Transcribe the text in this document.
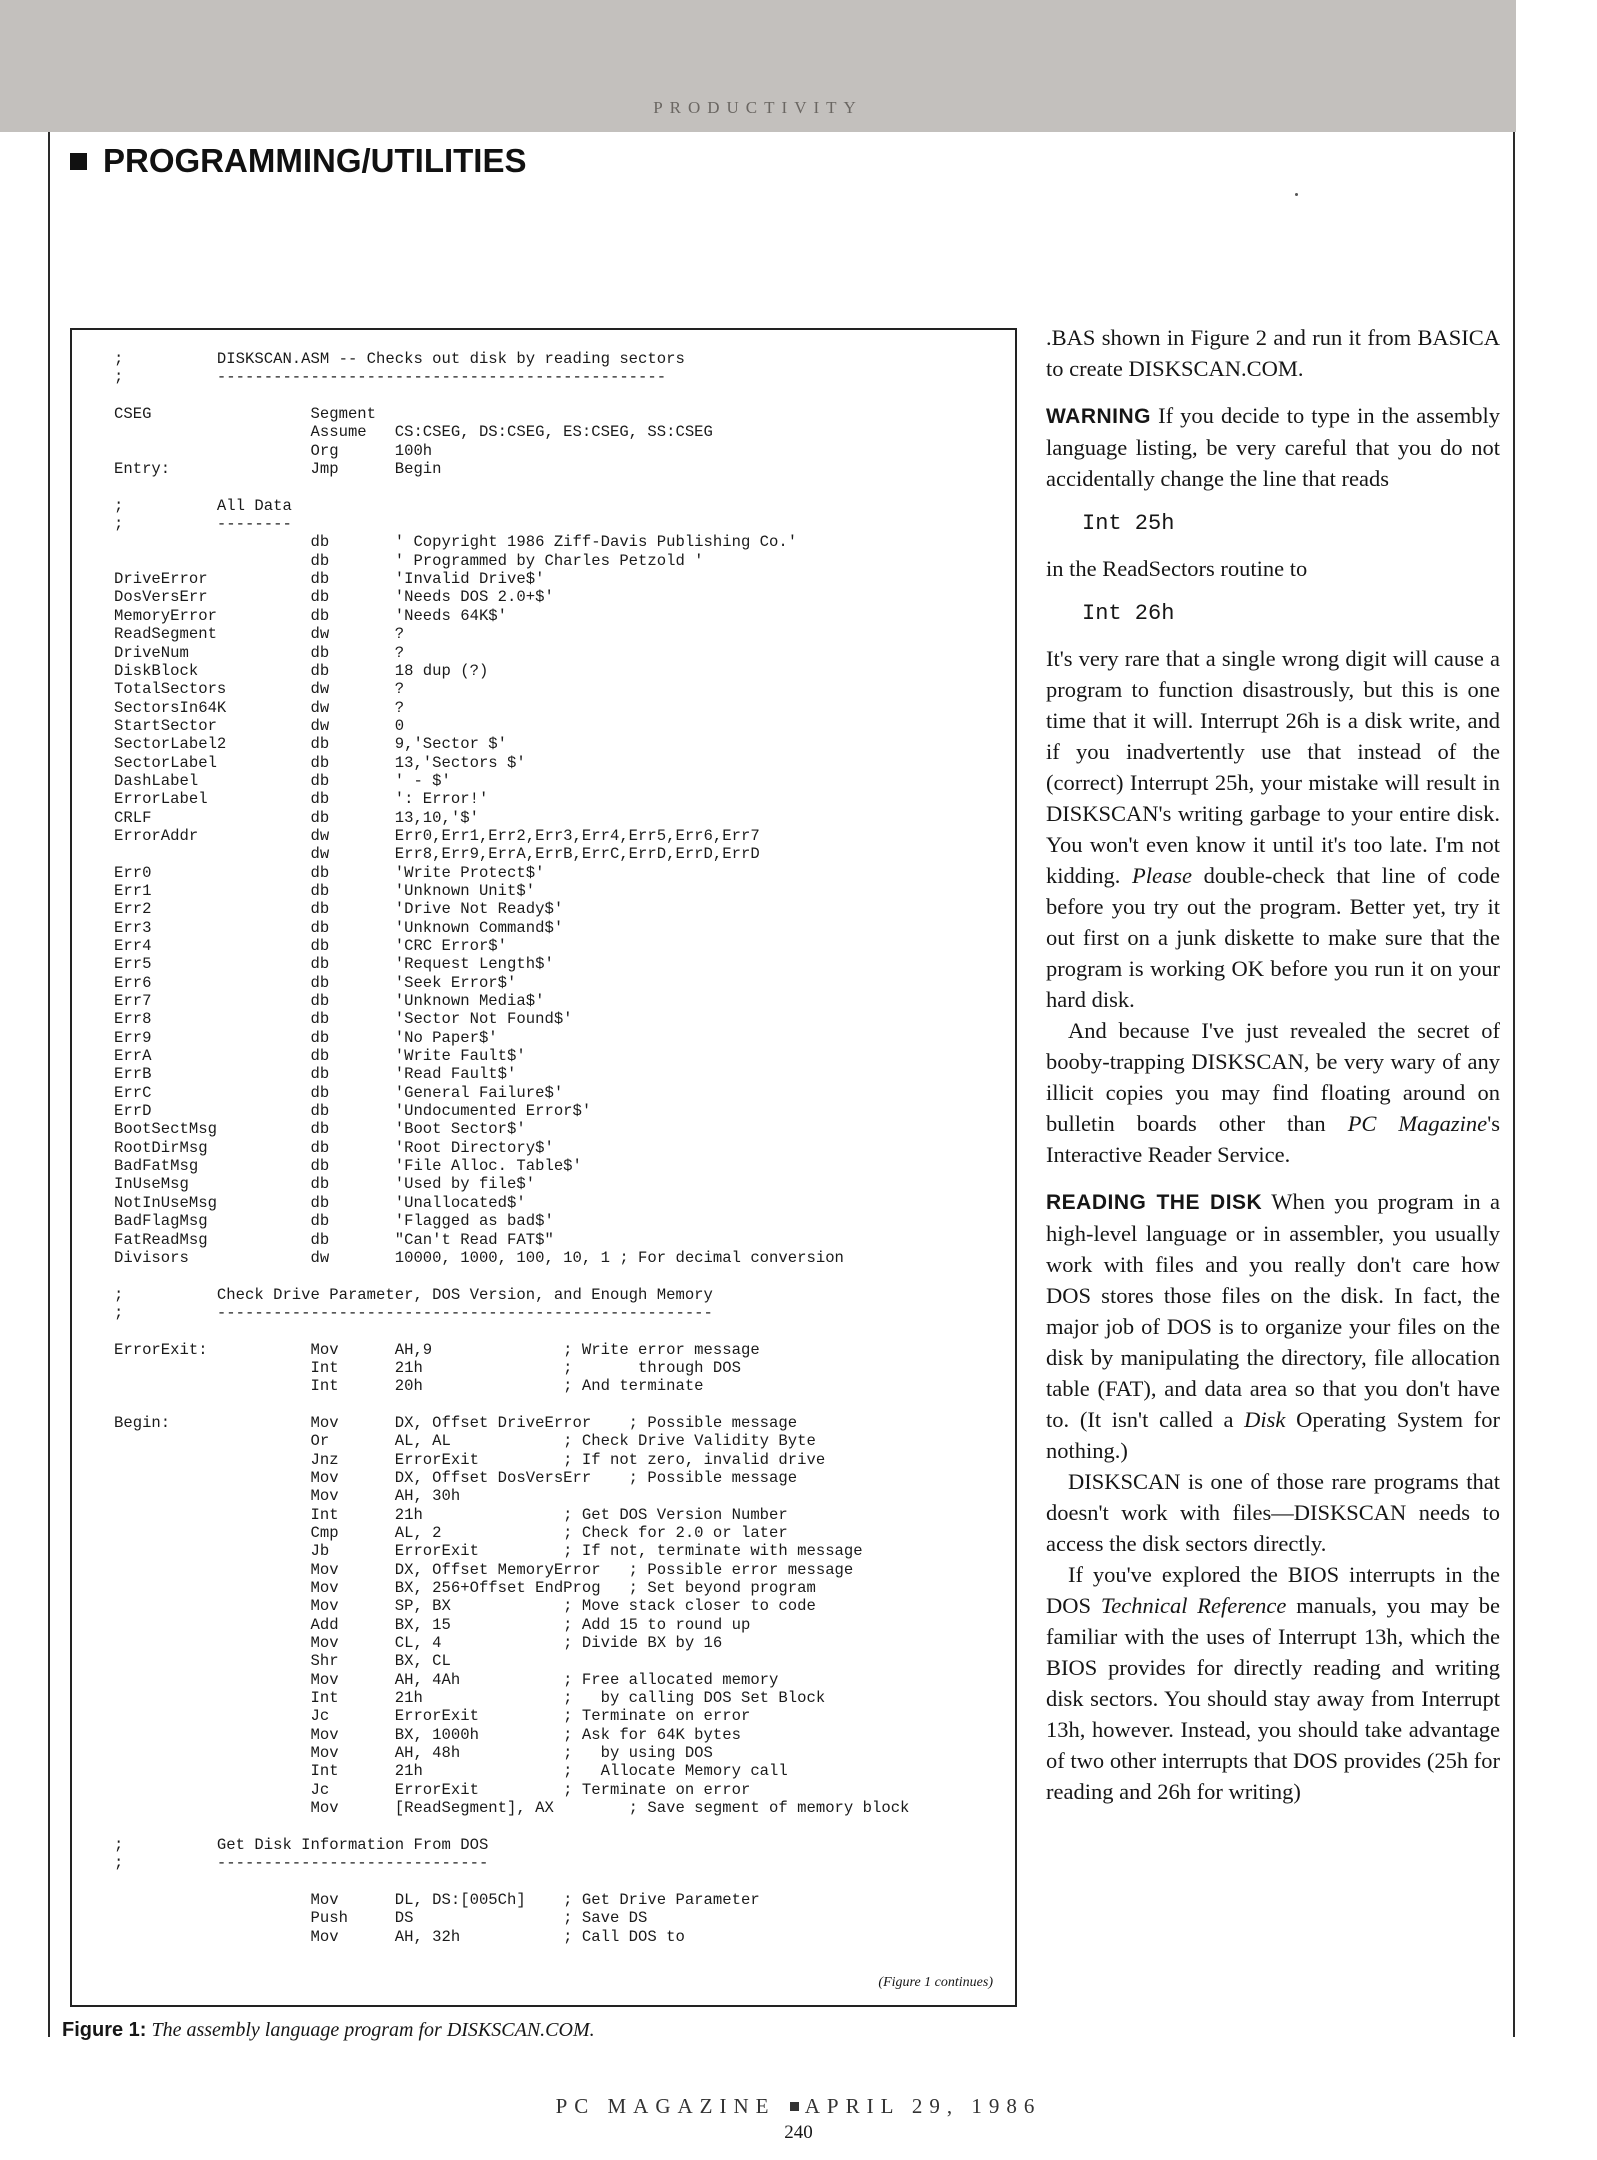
PRODUCTIVITY
PROGRAMMING/UTILITIES
;          DISKSCAN.ASM -- Checks out disk by reading sectors
;          ------------------------------------------------

CSEG                 Segment
Assume   CS:CSEG, DS:CSEG, ES:CSEG, SS:CSEG
Org      100h
Entry:               Jmp      Begin

;          All Data
;          --------
db       ' Copyright 1986 Ziff-Davis Publishing Co.'
db       ' Programmed by Charles Petzold '
DriveError           db       'Invalid Drive$'
DosVersErr           db       'Needs DOS 2.0+$'
MemoryError          db       'Needs 64K$'
ReadSegment          dw       ?
DriveNum             db       ?
DiskBlock            db       18 dup (?)
TotalSectors         dw       ?
SectorsIn64K         dw       ?
StartSector          dw       0
SectorLabel2         db       9,'Sector $'
SectorLabel          db       13,'Sectors $'
DashLabel            db       ' - $'
ErrorLabel           db       ': Error!'
CRLF                 db       13,10,'$'
ErrorAddr            dw       Err0,Err1,Err2,Err3,Err4,Err5,Err6,Err7
dw       Err8,Err9,ErrA,ErrB,ErrC,ErrD,ErrD,ErrD
Err0                 db       'Write Protect$'
Err1                 db       'Unknown Unit$'
Err2                 db       'Drive Not Ready$'
Err3                 db       'Unknown Command$'
Err4                 db       'CRC Error$'
Err5                 db       'Request Length$'
Err6                 db       'Seek Error$'
Err7                 db       'Unknown Media$'
Err8                 db       'Sector Not Found$'
Err9                 db       'No Paper$'
ErrA                 db       'Write Fault$'
ErrB                 db       'Read Fault$'
ErrC                 db       'General Failure$'
ErrD                 db       'Undocumented Error$'
BootSectMsg          db       'Boot Sector$'
RootDirMsg           db       'Root Directory$'
BadFatMsg            db       'File Alloc. Table$'
InUseMsg             db       'Used by file$'
NotInUseMsg          db       'Unallocated$'
BadFlagMsg           db       'Flagged as bad$'
FatReadMsg           db       "Can't Read FAT$"
Divisors             dw       10000, 1000, 100, 10, 1 ; For decimal conversion

;          Check Drive Parameter, DOS Version, and Enough Memory
;          -----------------------------------------------------

ErrorExit:           Mov      AH,9              ; Write error message
Int      21h               ;       through DOS
Int      20h               ; And terminate

Begin:               Mov      DX, Offset DriveError    ; Possible message
Or       AL, AL            ; Check Drive Validity Byte
Jnz      ErrorExit         ; If not zero, invalid drive
Mov      DX, Offset DosVersErr    ; Possible message
Mov      AH, 30h
Int      21h               ; Get DOS Version Number
Cmp      AL, 2             ; Check for 2.0 or later
Jb       ErrorExit         ; If not, terminate with message
Mov      DX, Offset MemoryError   ; Possible error message
Mov      BX, 256+Offset EndProg   ; Set beyond program
Mov      SP, BX            ; Move stack closer to code
Add      BX, 15            ; Add 15 to round up
Mov      CL, 4             ; Divide BX by 16
Shr      BX, CL
Mov      AH, 4Ah           ; Free allocated memory
Int      21h               ;   by calling DOS Set Block
Jc       ErrorExit         ; Terminate on error
Mov      BX, 1000h         ; Ask for 64K bytes
Mov      AH, 48h           ;   by using DOS
Int      21h               ;   Allocate Memory call
Jc       ErrorExit         ; Terminate on error
Mov      [ReadSegment], AX        ; Save segment of memory block

;          Get Disk Information From DOS
;          -----------------------------

Mov      DL, DS:[005Ch]    ; Get Drive Parameter
Push     DS                ; Save DS
Mov      AH, 32h           ; Call DOS to
(Figure 1 continues)
Figure 1: The assembly language program for DISKSCAN.COM.

.BAS shown in Figure 2 and run it from BASICA to create DISKSCAN.COM.

WARNING If you decide to type in the assembly language listing, be very careful that you do not accidentally change the line that reads

Int 25h

in the ReadSectors routine to

Int 26h

It's very rare that a single wrong digit will cause a program to function disastrously, but this is one time that it will. Interrupt 26h is a disk write, and if you inadvertently use that instead of the (correct) Interrupt 25h, your mistake will result in DISKSCAN's writing garbage to your entire disk. You won't even know it until it's too late. I'm not kidding. Please double-check that line of code before you try out the program. Better yet, try it out first on a junk diskette to make sure that the program is working OK before you run it on your hard disk.

And because I've just revealed the secret of booby-trapping DISKSCAN, be very wary of any illicit copies you may find floating around on bulletin boards other than PC Magazine's Interactive Reader Service.

READING THE DISK When you program in a high-level language or in assembler, you usually work with files and you really don't care how DOS stores those files on the disk. In fact, the major job of DOS is to organize your files on the disk by manipulating the directory, file allocation table (FAT), and data area so that you don't have to. (It isn't called a Disk Operating System for nothing.)

DISKSCAN is one of those rare programs that doesn't work with files—DISKSCAN needs to access the disk sectors directly.

If you've explored the BIOS interrupts in the DOS Technical Reference manuals, you may be familiar with the uses of Interrupt 13h, which the BIOS provides for directly reading and writing disk sectors. You should stay away from Interrupt 13h, however. Instead, you should take advantage of two other interrupts that DOS provides (25h for reading and 26h for writing)

PC MAGAZINE APRIL 29, 1986
240
